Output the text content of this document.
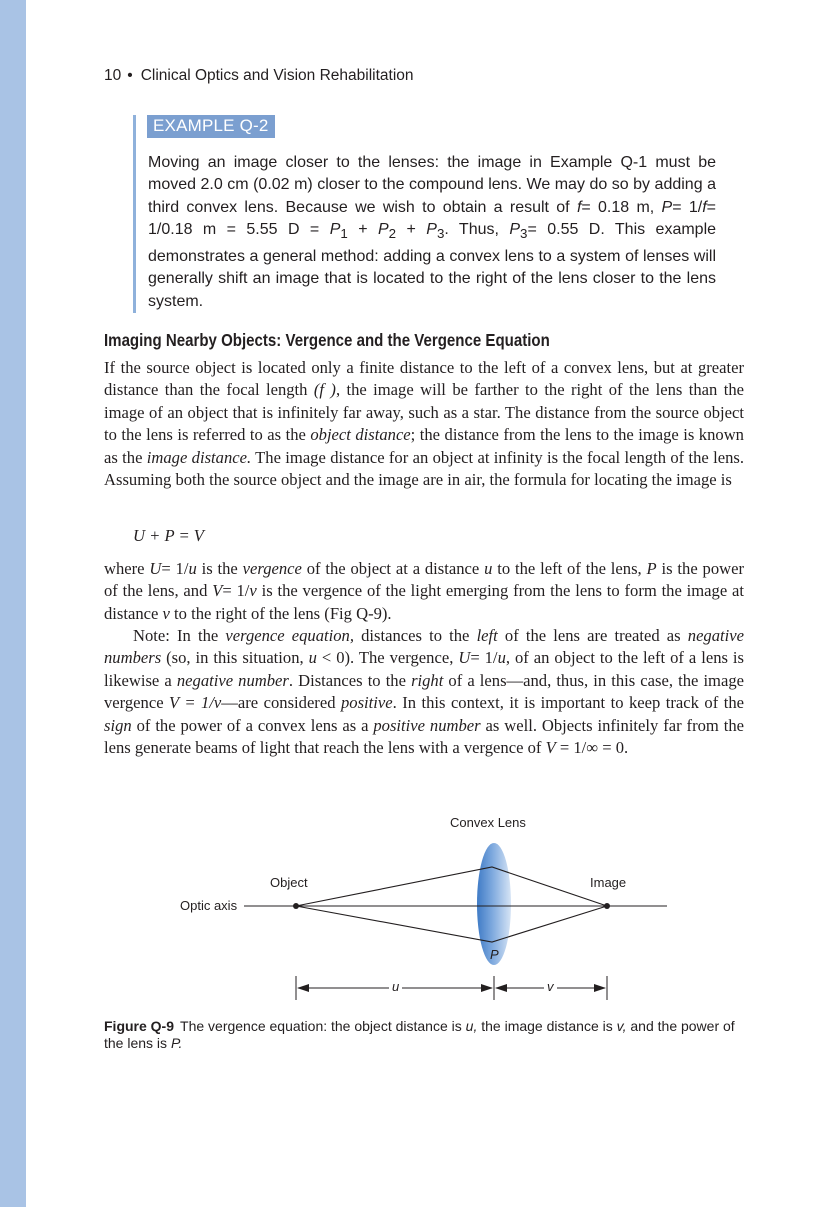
10 • Clinical Optics and Vision Rehabilitation
EXAMPLE Q-2

Moving an image closer to the lenses: the image in Example Q-1 must be moved 2.0 cm (0.02 m) closer to the compound lens. We may do so by adding a third convex lens. Because we wish to obtain a result of f= 0.18 m, P= 1/f= 1/0.18 m = 5.55 $D = P_1 + P_2 + P_3$. Thus, $P_3= 0.55$ D. This example demonstrates a general method: adding a convex lens to a system of lenses will generally shift an image that is located to the right of the lens closer to the lens system.

Imaging Nearby Objects: Vergence and the Vergence Equation

If the source object is located only a finite distance to the left of a convex lens, but at greater distance than the focal length (f ), the image will be farther to the right of the lens than the image of an object that is infinitely far away, such as a star. The distance from the source object to the lens is referred to as the object distance; the distance from the lens to the image is known as the image distance. The image distance for an object at infinity is the focal length of the lens. Assuming both the source object and the image are in air, the formula for locating the image is

U + P = V

where U= 1/u is the vergence of the object at a distance u to the left of the lens, P is the power of the lens, and V= 1/v is the vergence of the light emerging from the lens to form the image at distance v to the right of the lens (Fig Q-9).

Note: In the vergence equation, distances to the left of the lens are treated as negative numbers (so, in this situation, u < 0). The vergence, U= 1/u, of an object to the left of a lens is likewise a negative number. Distances to the right of a lens—and, thus, in this case, the image vergence V = 1/v—are considered positive. In this context, it is important to keep track of the sign of the power of a convex lens as a positive number as well. Objects infinitely far from the lens generate beams of light that reach the lens with a vergence of V = 1/∞ = 0.

Convex Lens
Object	Image
Optic axis
P
u	v
Figure Q-9 The vergence equation: the object distance is u, the image distance is v, and the power of the lens is P.
